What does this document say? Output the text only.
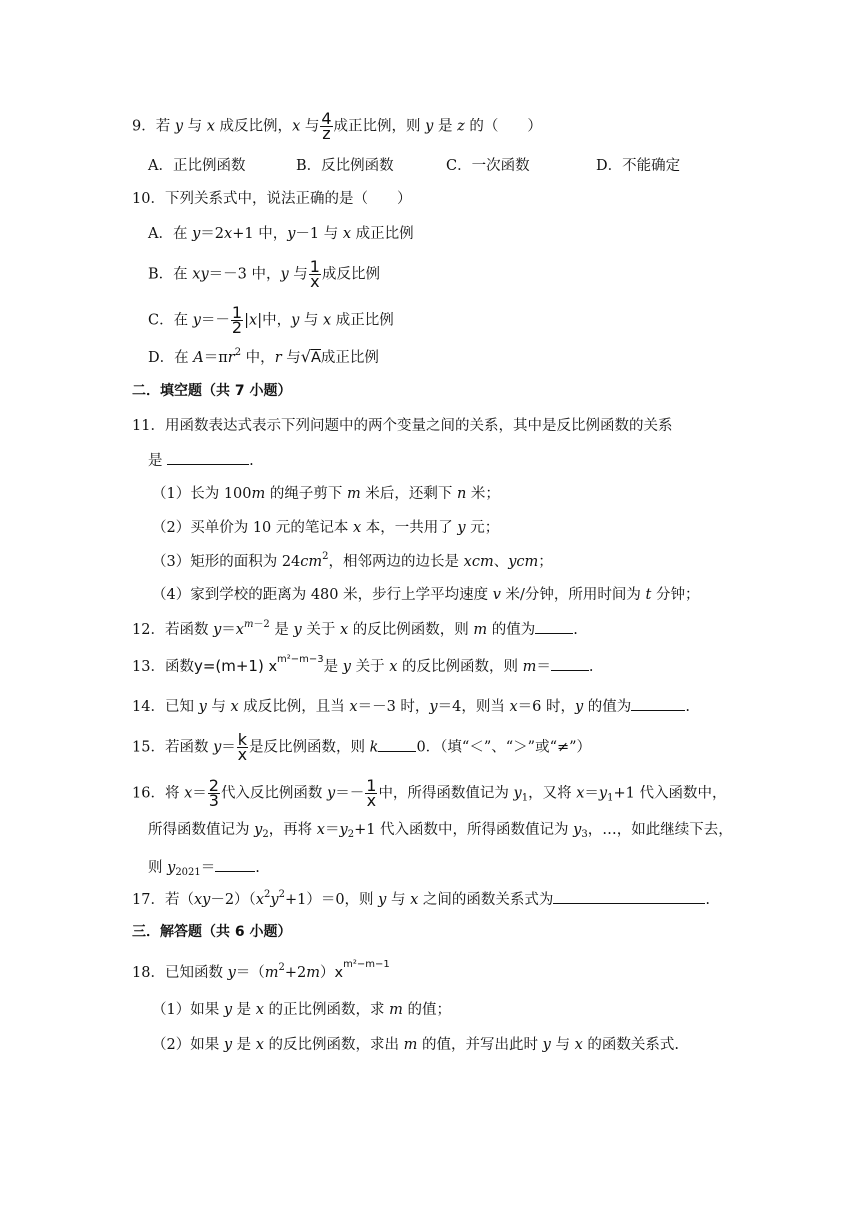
9．若 y 与 x 成反比例，x 与 $\frac{4}{z}$ 成正比例，则 y 是 z 的（　　）
A．正比例函数	B．反比例函数	C．一次函数	D．不能确定
10．下列关系式中，说法正确的是（　　）
A．在 y＝2x+1 中，y－1 与 x 成正比例
B．在 xy＝－3 中，y 与 $\frac{1}{x}$ 成反比例
C．在 $y=- \frac{1}{2} |x|$中，y 与 x 成正比例
D．在 $A=\pi r^2$ 中，r 与√A成正比例
二．填空题（共 7 小题）
11．用函数表达式表示下列问题中的两个变量之间的关系，其中是反比例函数的关系
是	.
（1）长为 100m 的绳子剪下 m 米后，还剩下 n 米；
（2）买单价为 10 元的笔记本 x 本，一共用了 y 元；
（3）矩形的面积为 $24cm^2$，相邻两边的边长是 xcm、ycm；
（4）家到学校的距离为 480 米，步行上学平均速度 v 米/分钟，所用时间为 t 分钟；
12．若函数 $y=x^{m-2}$ 是 y 关于 x 的反比例函数，则 m 的值为	.
13．函数y=(m+1) $x^{m^2-m-3}$是 y 关于 x 的反比例函数，则 m＝	.
14．已知 y 与 x 成反比例，且当 x＝－3 时，y＝4，则当 x＝6 时，y 的值为	.
15．若函数 $y= \frac{k}{x}$ 是反比例函数，则 k	0．（填“＜”、“＞”或“≠”）
16．将 $x= \frac{2}{3}$ 代入反比例函数 $y=- \frac{1}{x}$ 中，所得函数值记为 $y_1$，又将 $x=y_1+1$ 代入函数中，
所得函数值记为 $y_2$，再将 $x=y_2+1$ 代入函数中，所得函数值记为 $y_3$，…，如此继续下去，
则 $y_{2021}=$	.
17．若$(xy-2)(x^2y^2+1)=0$，则 y 与 x 之间的函数关系式为	.
三．解答题（共 6 小题）
18．已知函数 $y=(m^2+2m)x^{m^2-m-1}$
（1）如果 y 是 x 的正比例函数，求 m 的值；
（2）如果 y 是 x 的反比例函数，求出 m 的值，并写出此时 y 与 x 的函数关系式.
